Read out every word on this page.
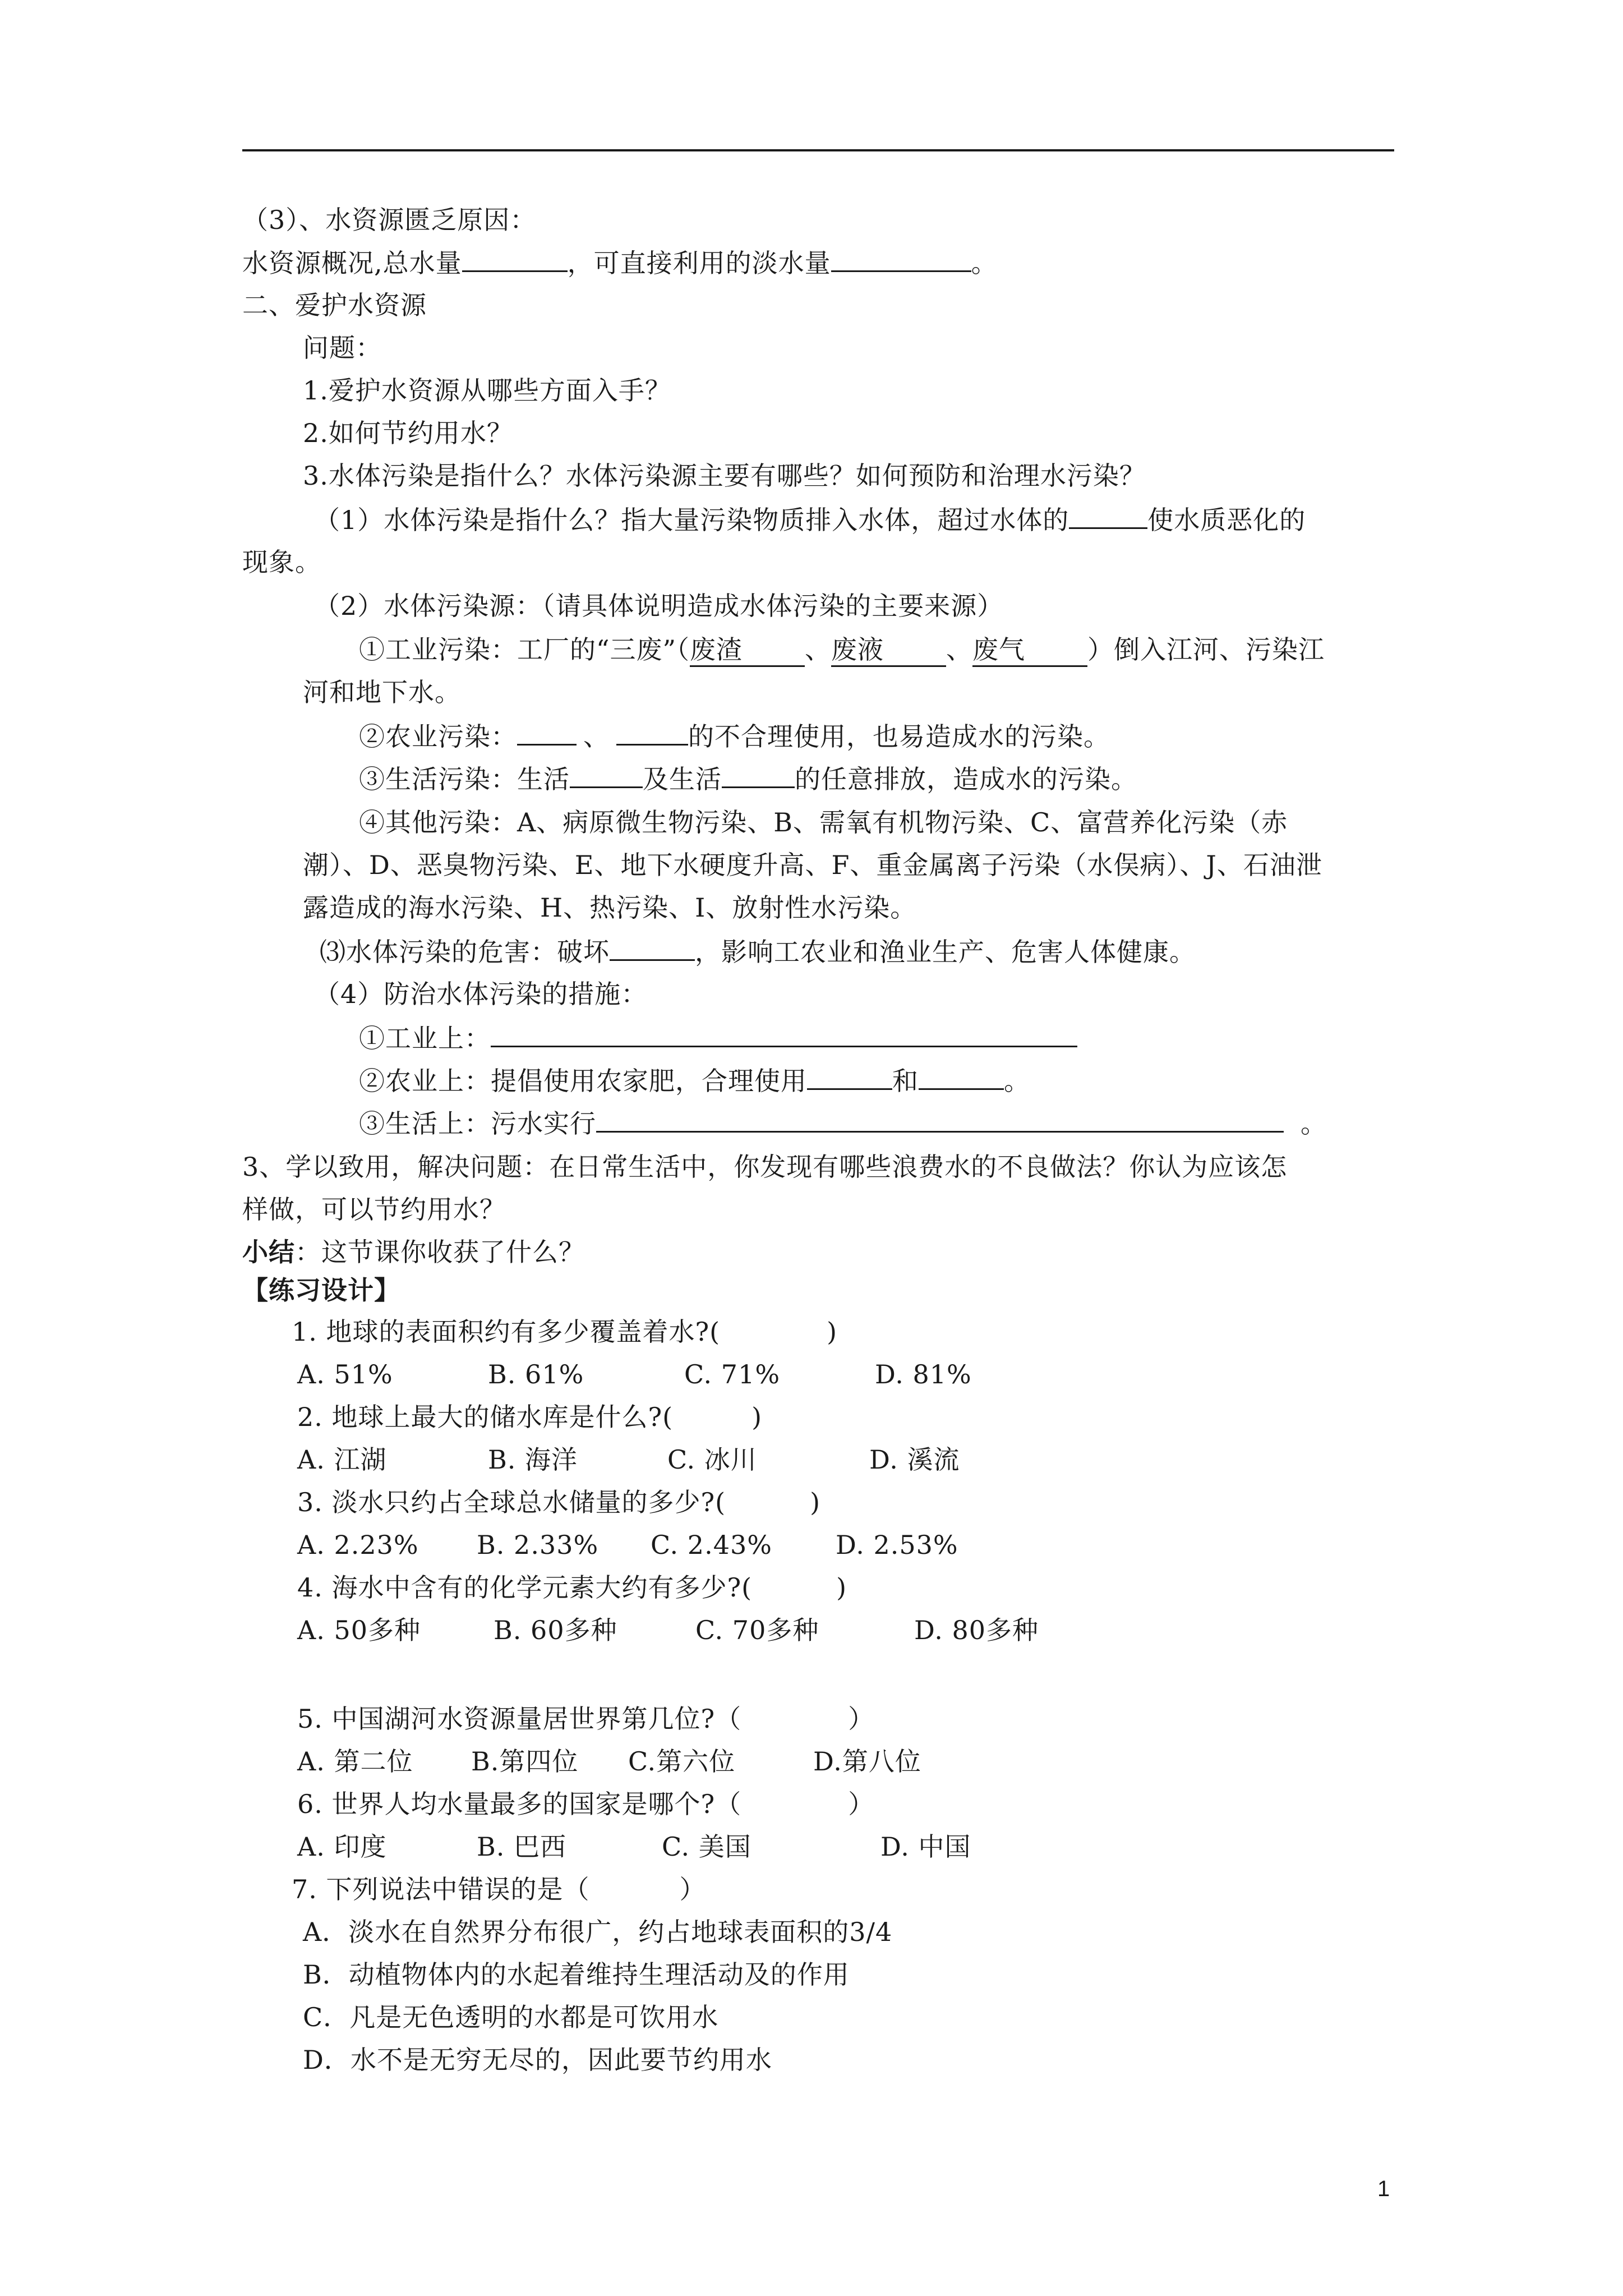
（3）、水资源匮乏原因：
水资源概况,总水量	，可直接利用的淡水量	。
二、爱护水资源
问题：
1.爱护水资源从哪些方面入手？
2.如何节约用水？
3.水体污染是指什么？水体污染源主要有哪些？如何预防和治理水污染？
（1）水体污染是指什么？指大量污染物质排入水体，超过水体的	使水质恶化的
现象。
（2）水体污染源：（请具体说明造成水体污染的主要来源）
①工业污染：工厂的“三废”（废渣 、废液 、废气 ）倒入江河、污染江
河和地下水。
②农业污染：	、	的不合理使用，也易造成水的污染。
③生活污染：生活	及生活	的任意排放，造成水的污染。
④其他污染：A、病原微生物污染、B、需氧有机物污染、C、富营养化污染（赤
潮）、D、恶臭物污染、E、地下水硬度升高、F、重金属离子污染（水俣病）、J、石油泄
露造成的海水污染、H、热污染、I、放射性水污染。
⑶水体污染的危害：破坏	，影响工农业和渔业生产、危害人体健康。
（4）防治水体污染的措施：
①工业上：
②农业上：提倡使用农家肥，合理使用	和	。
③生活上：污水实行	。
3、学以致用，解决问题：在日常生活中，你发现有哪些浪费水的不良做法？你认为应该怎
样做，可以节约用水？
小结：这节课你收获了什么？
【练习设计】
1. 地球的表面积约有多少覆盖着水?(	)
A. 51%	B. 61%	C. 71%	D. 81%
2. 地球上最大的储水库是什么?(	)
A. 江湖	B. 海洋	C. 冰川	D. 溪流
3. 淡水只约占全球总水储量的多少?(	)
A. 2.23% B. 2.33% C. 2.43% D. 2.53%
4. 海水中含有的化学元素大约有多少?(	)
A. 50多种	B. 60多种	C. 70多种	D. 80多种
5. 中国湖河水资源量居世界第几位?（	）
A. 第二位 B.第四位 C.第六位	D.第八位
6. 世界人均水量最多的国家是哪个?（	）
A. 印度	B. 巴西	C. 美国	D. 中国
7. 下列说法中错误的是（	）
A．淡水在自然界分布很广，约占地球表面积的3/4
B．动植物体内的水起着维持生理活动及的作用
C．凡是无色透明的水都是可饮用水
D．水不是无穷无尽的，因此要节约用水
1
